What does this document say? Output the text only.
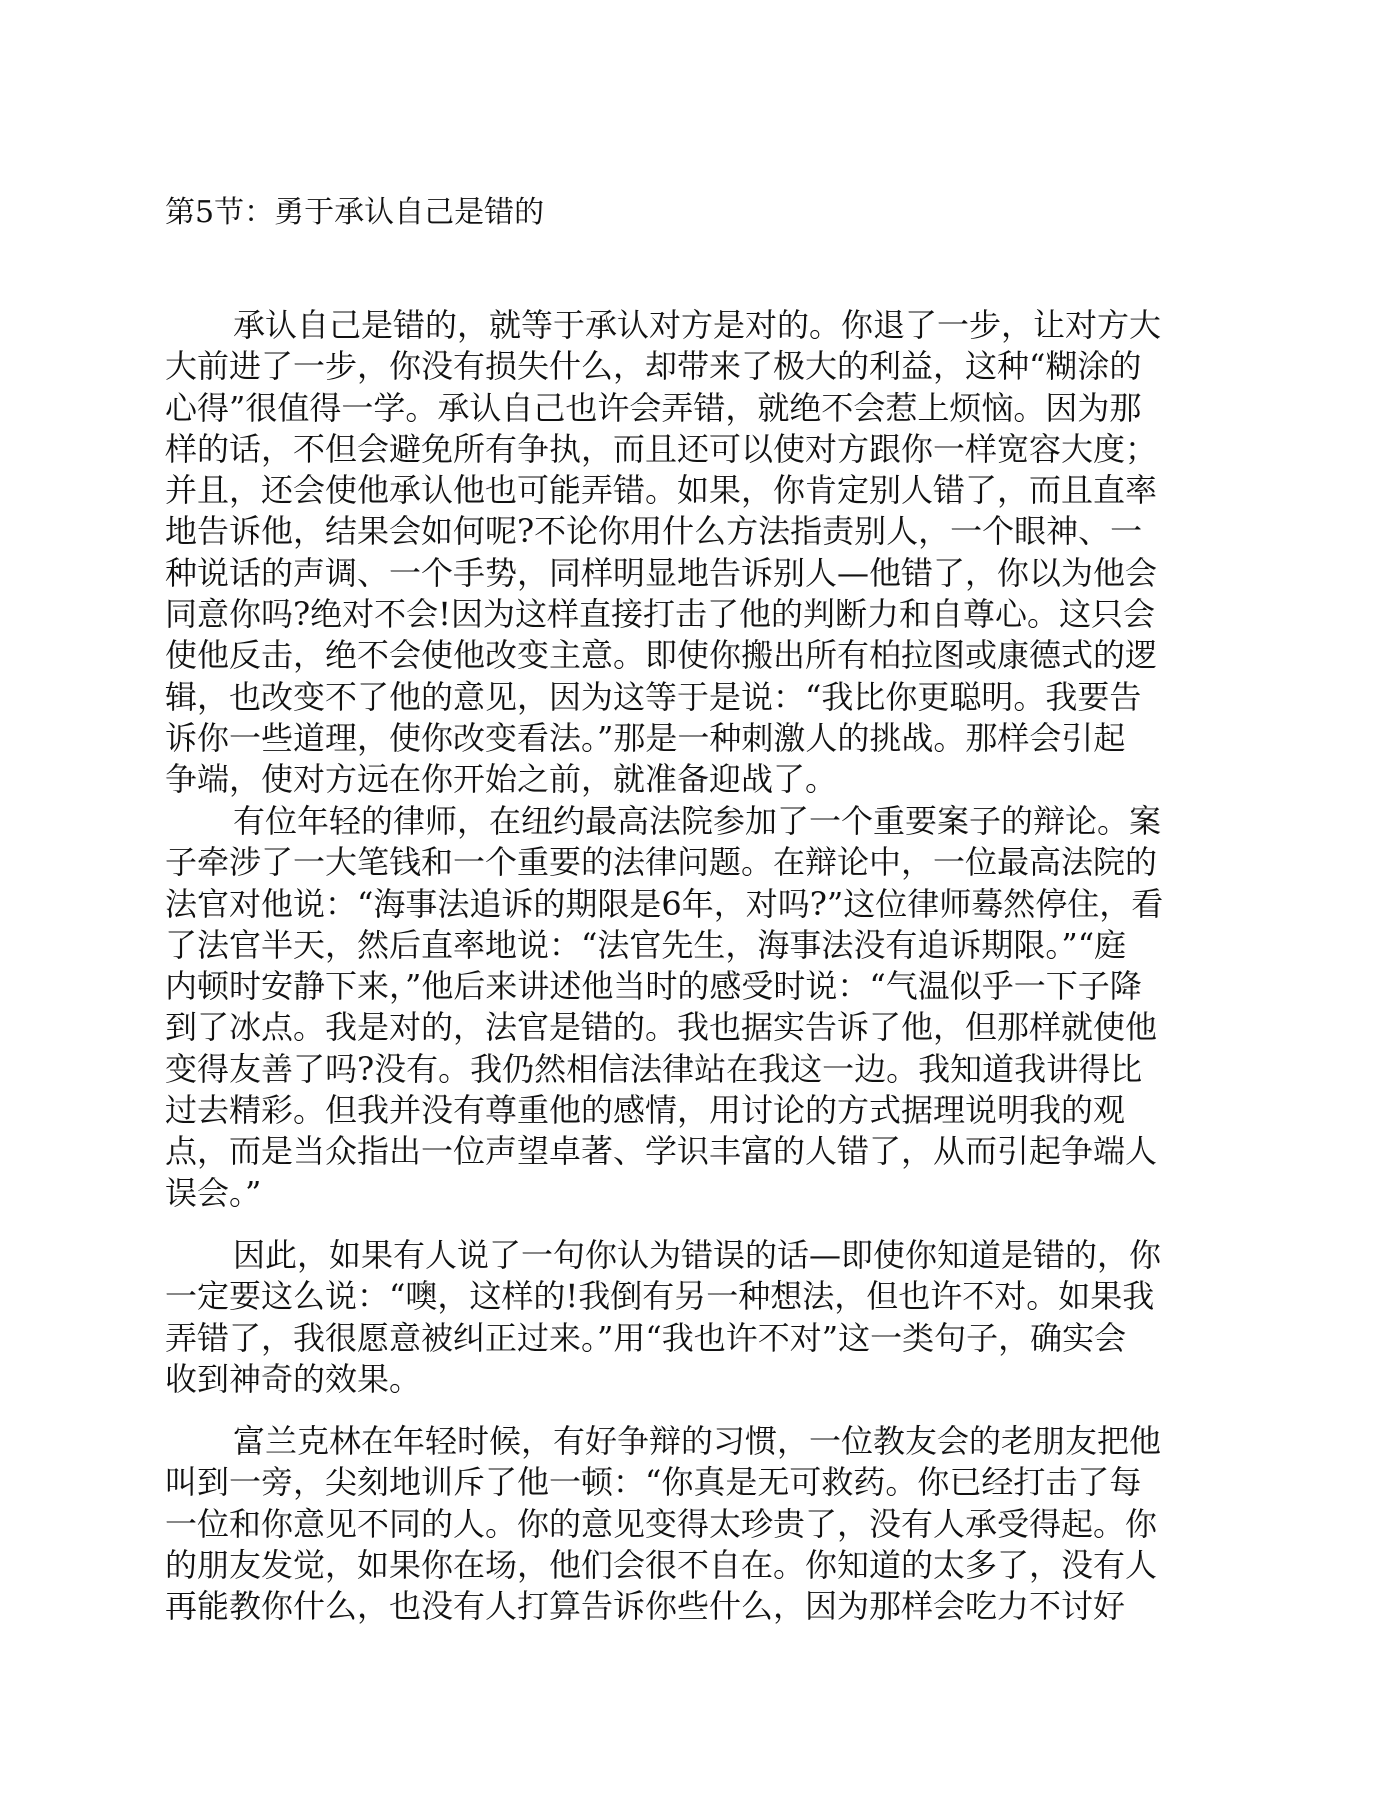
第5节：勇于承认自己是错的
承认自己是错的，就等于承认对方是对的。你退了一步，让对方大
大前进了一步，你没有损失什么，却带来了极大的利益，这种“糊涂的
心得”很值得一学。承认自己也许会弄错，就绝不会惹上烦恼。因为那
样的话，不但会避免所有争执，而且还可以使对方跟你一样宽容大度；
并且，还会使他承认他也可能弄错。如果，你肯定别人错了，而且直率
地告诉他，结果会如何呢?不论你用什么方法指责别人，一个眼神、一
种说话的声调、一个手势，同样明显地告诉别人—他错了，你以为他会
同意你吗?绝对不会!因为这样直接打击了他的判断力和自尊心。这只会
使他反击，绝不会使他改变主意。即使你搬出所有柏拉图或康德式的逻
辑，也改变不了他的意见，因为这等于是说：“我比你更聪明。我要告
诉你一些道理，使你改变看法。”那是一种刺激人的挑战。那样会引起
争端，使对方远在你开始之前，就准备迎战了。
有位年轻的律师，在纽约最高法院参加了一个重要案子的辩论。案
子牵涉了一大笔钱和一个重要的法律问题。在辩论中，一位最高法院的
法官对他说：“海事法追诉的期限是6年，对吗?”这位律师蓦然停住，看
了法官半天，然后直率地说：“法官先生，海事法没有追诉期限。”“庭
内顿时安静下来，”他后来讲述他当时的感受时说：“气温似乎一下子降
到了冰点。我是对的，法官是错的。我也据实告诉了他，但那样就使他
变得友善了吗?没有。我仍然相信法律站在我这一边。我知道我讲得比
过去精彩。但我并没有尊重他的感情，用讨论的方式据理说明我的观
点，而是当众指出一位声望卓著、学识丰富的人错了，从而引起争端人
误会。”
因此，如果有人说了一句你认为错误的话—即使你知道是错的，你
一定要这么说：“噢，这样的!我倒有另一种想法，但也许不对。如果我
弄错了，我很愿意被纠正过来。”用“我也许不对”这一类句子，确实会
收到神奇的效果。
富兰克林在年轻时候，有好争辩的习惯，一位教友会的老朋友把他
叫到一旁，尖刻地训斥了他一顿：“你真是无可救药。你已经打击了每
一位和你意见不同的人。你的意见变得太珍贵了，没有人承受得起。你
的朋友发觉，如果你在场，他们会很不自在。你知道的太多了，没有人
再能教你什么，也没有人打算告诉你些什么，因为那样会吃力不讨好
